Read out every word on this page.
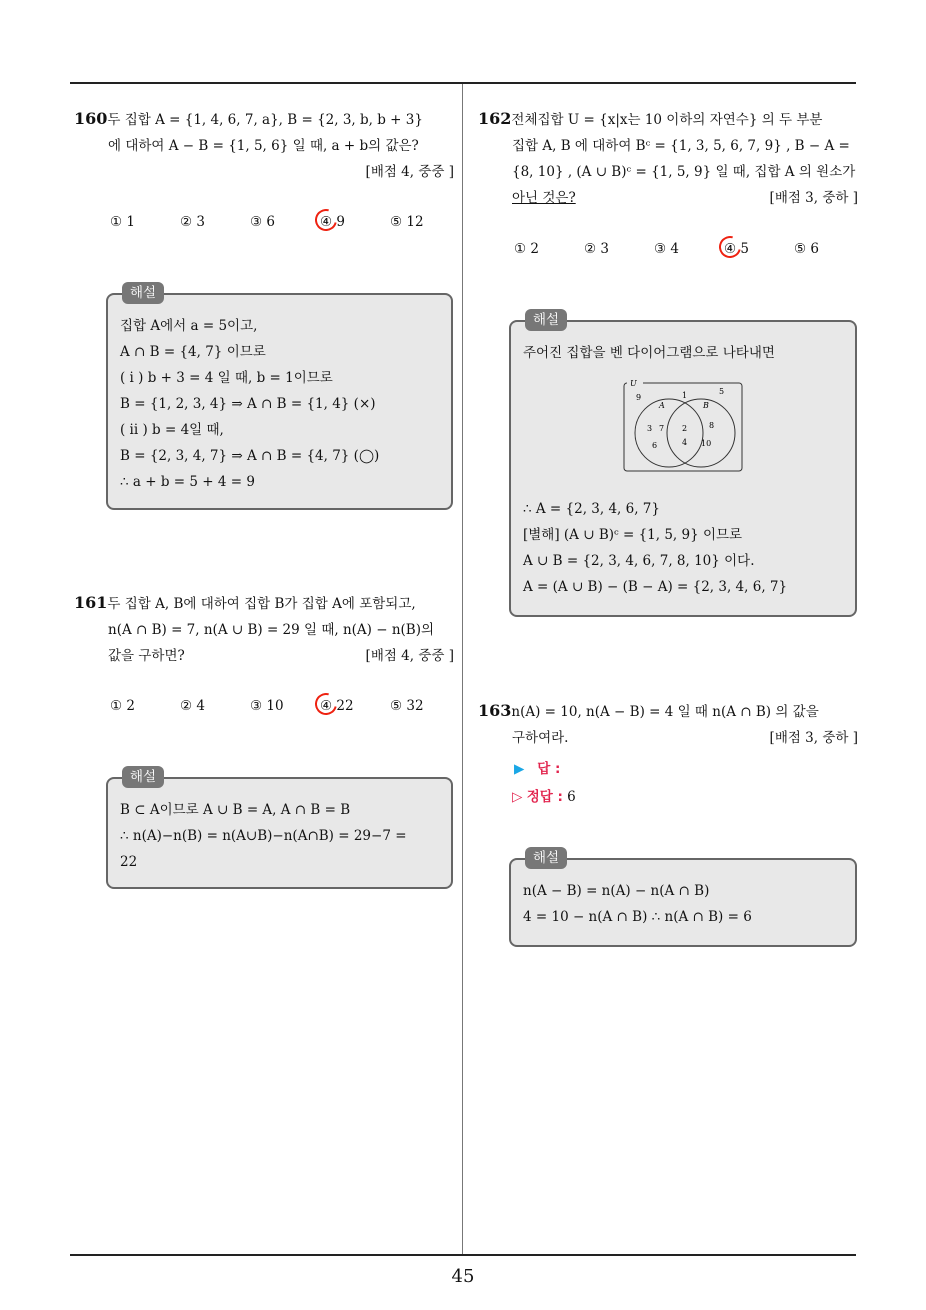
160두 집합 A = {1, 4, 6, 7, a}, B = {2, 3, b, b + 3}
에 대하여 A − B = {1, 5, 6} 일 때, a + b의 값은?
[배점 4, 중중 ]

① 1	② 3	③ 6	④ 9	⑤ 12
해설
집합 A에서 a = 5이고,
A ∩ B = {4, 7} 이므로
( i ) b + 3 = 4 일 때, b = 1이므로
B = {1, 2, 3, 4} ⇒ A ∩ B = {1, 4} (×)
( ii ) b = 4일 때,
B = {2, 3, 4, 7} ⇒ A ∩ B = {4, 7} (◯)
∴ a + b = 5 + 4 = 9
161두 집합 A, B에 대하여 집합 B가 집합 A에 포함되고,
n(A ∩ B) = 7, n(A ∪ B) = 29 일 때, n(A) − n(B)의
값을 구하면?	[배점 4, 중중 ]
① 2	② 4	③ 10	④ 22	⑤ 32
해설
B ⊂ A이므로 A ∪ B = A, A ∩ B = B
∴ n(A)−n(B) = n(A∪B)−n(A∩B) = 29−7 =
22
162전체집합 U = {x|x는 10 이하의 자연수} 의 두 부분
집합 A, B 에 대하여 Bᶜ = {1, 3, 5, 6, 7, 9} , B − A =
{8, 10} , (A ∪ B)ᶜ = {1, 5, 9} 일 때, 집합 A 의 원소가
아닌 것은?	[배점 3, 중하 ]
① 2	② 3	③ 4	④ 5	⑤ 6
해설
주어진 집합을 벤 다이어그램으로 나타내면
U
A	B
9	1	5
3 7
6
2
4
8
10
∴ A = {2, 3, 4, 6, 7}
[별해] (A ∪ B)ᶜ = {1, 5, 9} 이므로
A ∪ B = {2, 3, 4, 6, 7, 8, 10} 이다.
A = (A ∪ B) − (B − A) = {2, 3, 4, 6, 7}
163n(A) = 10, n(A − B) = 4 일 때 n(A ∩ B) 의 값을
구하여라.	[배점 3, 중하 ]
▶ 답 :
▷ 정답 : 6
해설
n(A − B) = n(A) − n(A ∩ B)
4 = 10 − n(A ∩ B) ∴ n(A ∩ B) = 6
45
